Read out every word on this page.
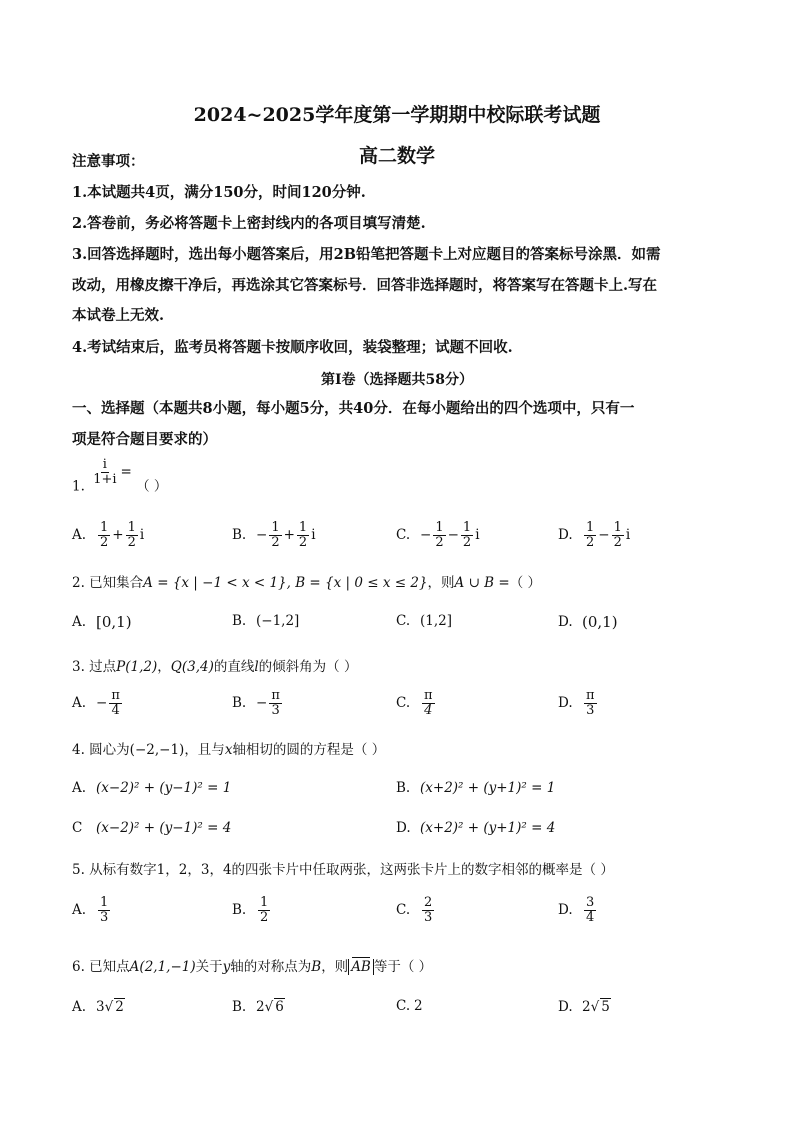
2024~2025学年度第一学期期中校际联考试题
高二数学
注意事项：
1.本试题共4页，满分150分，时间120分钟.
2.答卷前，务必将答题卡上密封线内的各项目填写清楚.
3.回答选择题时，选出每小题答案后，用2B铅笔把答题卡上对应题目的答案标号涂黑．如需
改动，用橡皮擦干净后，再选涂其它答案标号．回答非选择题时，将答案写在答题卡上.写在
本试卷上无效.
4.考试结束后，监考员将答题卡按顺序收回，装袋整理；试题不回收.
第Ⅰ卷（选择题共58分）
一、选择题（本题共8小题，每小题5分，共40分．在每小题给出的四个选项中，只有一
项是符合题目要求的）
1. $\frac{i}{1+i}$ = （ ）
A. $\frac{1}{2} + \frac{1}{2}$ i	B. − $\frac{1}{2} + \frac{1}{2}$ i	C. − $\frac{1}{2} - \frac{1}{2}$ i	D. $\frac{1}{2} - \frac{1}{2}$ i
2. 已知集合A = {x | −1 < x < 1}, B = {x | 0 ≤ x ≤ 2}，则A ∪ B =（ ）
A. [0,1)	B. (−1,2]	C. (1,2]	D. (0,1)
3. 过点P(1,2)，Q(3,4)的直线l的倾斜角为（ ）
A. − $\frac{\pi}{4}$	B. − $\frac{\pi}{3}$	C. $\frac{\pi}{4}$	D. $\frac{\pi}{3}$
4. 圆心为(−2,−1)，且与x轴相切的圆的方程是（ ）
A. (x−2)² + (y−1)² = 1	B. (x+2)² + (y+1)² = 1
C	(x−2)² + (y−1)² = 4	D. (x+2)² + (y+1)² = 4
5. 从标有数字1，2，3，4的四张卡片中任取两张，这两张卡片上的数字相邻的概率是（ ）
A. $\frac{1}{3}$	B. $\frac{1}{2}$	C. $\frac{2}{3}$	D. $\frac{3}{4}$
6. 已知点A(2,1,−1)关于y轴的对称点为B，则 AB 等于（ ）
A. 3 √ 2	B. 2 √ 6	C. 2	D. 2 √ 5
